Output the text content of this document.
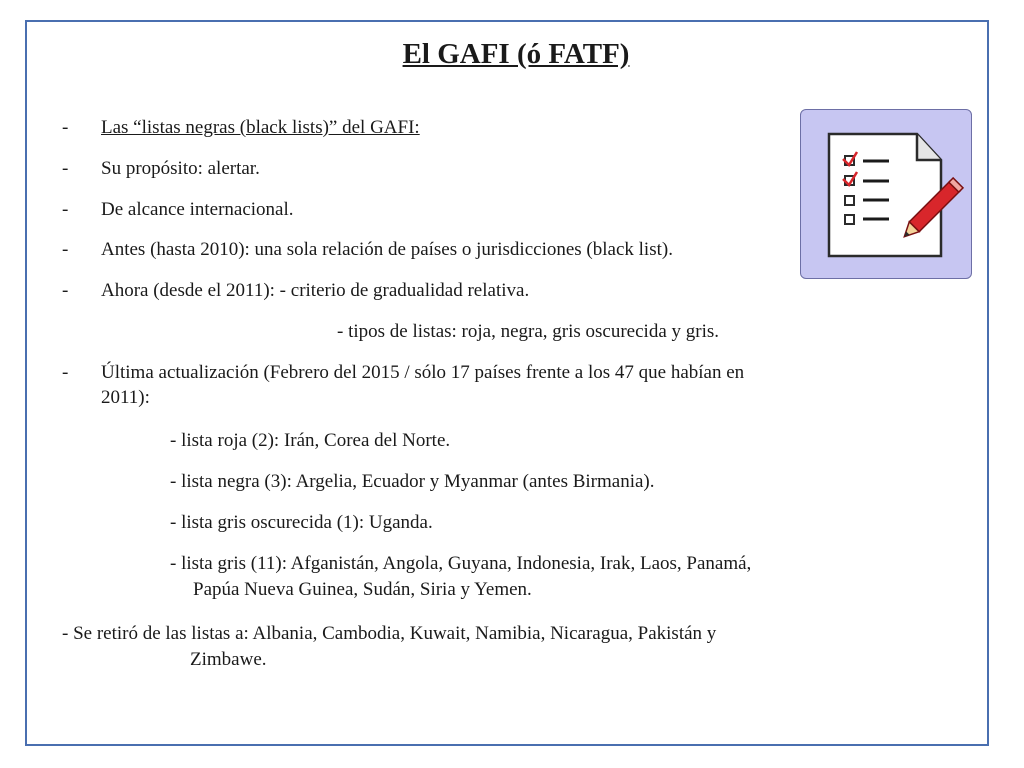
El GAFI (ó FATF)
- Las “listas negras (black lists)” del GAFI:
- Su propósito: alertar.
- De alcance internacional.
- Antes (hasta 2010): una sola relación de países o jurisdicciones (black list).
- Ahora (desde el 2011): - criterio de gradualidad relativa.
- tipos de listas: roja, negra, gris oscurecida y gris.
- Última actualización (Febrero del 2015 / sólo 17 países frente a los 47 que habían en
2011):
- lista roja (2): Irán, Corea del Norte.
- lista negra (3): Argelia, Ecuador y Myanmar (antes Birmania).
- lista gris oscurecida (1): Uganda.
- lista gris (11): Afganistán, Angola, Guyana, Indonesia, Irak, Laos, Panamá,
Papúa Nueva Guinea, Sudán, Siria y Yemen.
- Se retiró de las listas a: Albania, Cambodia, Kuwait, Namibia, Nicaragua, Pakistán y
Zimbawe.
